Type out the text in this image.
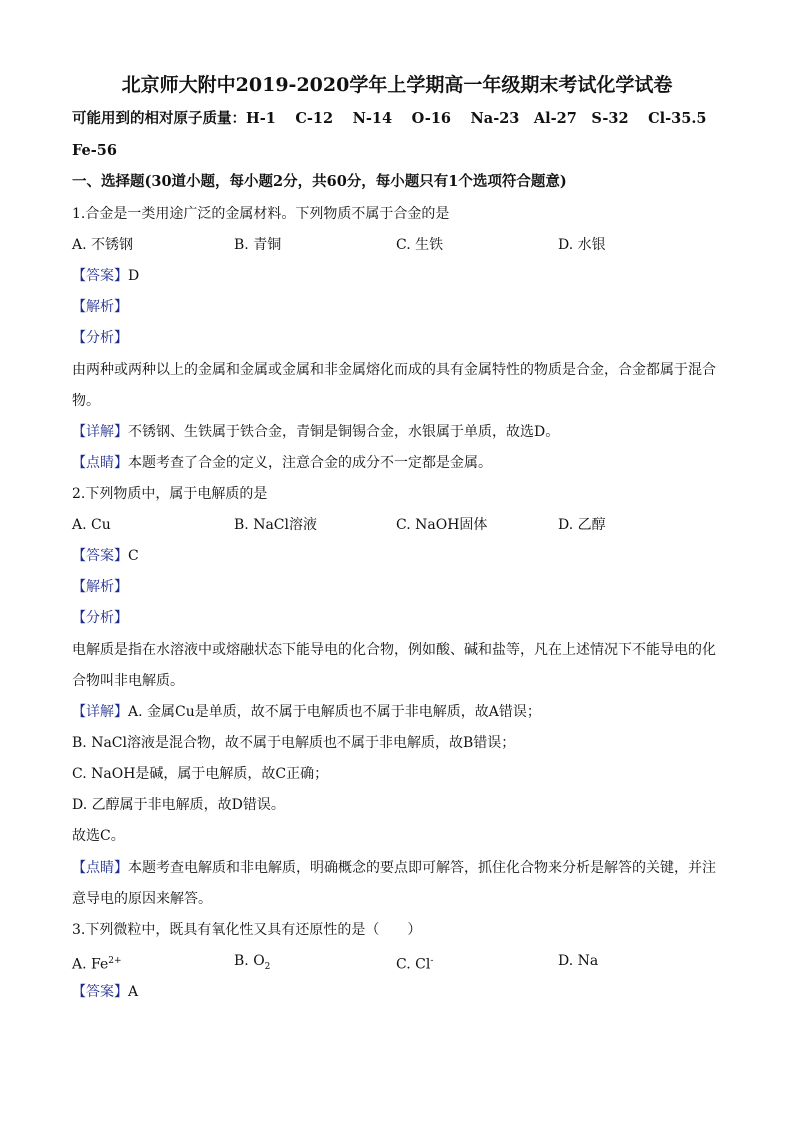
北京师大附中2019-2020学年上学期高一年级期末考试化学试卷
可能用到的相对原子质量：H-1　 C-12　 N-14　 O-16　 Na-23　Al-27　S-32　 Cl-35.5
Fe-56
一、选择题(30道小题，每小题2分，共60分，每小题只有1个选项符合题意)
1.合金是一类用途广泛的金属材料。下列物质不属于合金的是
A. 不锈钢	B. 青铜	C. 生铁	D. 水银
【答案】D
【解析】
【分析】
由两种或两种以上的金属和金属或金属和非金属熔化而成的具有金属特性的物质是合金，合金都属于混合
物。
【详解】不锈钢、生铁属于铁合金，青铜是铜锡合金，水银属于单质，故选D。
【点睛】本题考查了合金的定义，注意合金的成分不一定都是金属。
2.下列物质中，属于电解质的是
A. Cu	B. NaCl溶液	C. NaOH固体	D. 乙醇
【答案】C
【解析】
【分析】
电解质是指在水溶液中或熔融状态下能导电的化合物，例如酸、碱和盐等，凡在上述情况下不能导电的化
合物叫非电解质。
【详解】A. 金属Cu是单质，故不属于电解质也不属于非电解质，故A错误；
B. NaCl溶液是混合物，故不属于电解质也不属于非电解质，故B错误；
C. NaOH是碱，属于电解质，故C正确；
D. 乙醇属于非电解质，故D错误。
故选C。
【点睛】本题考查电解质和非电解质，明确概念的要点即可解答，抓住化合物来分析是解答的关键，并注
意导电的原因来解答。
3.下列微粒中，既具有氧化性又具有还原性的是（　　）
A. $Fe^{2+}$	B. $O_2$	C. Cl-	D. Na
【答案】A
